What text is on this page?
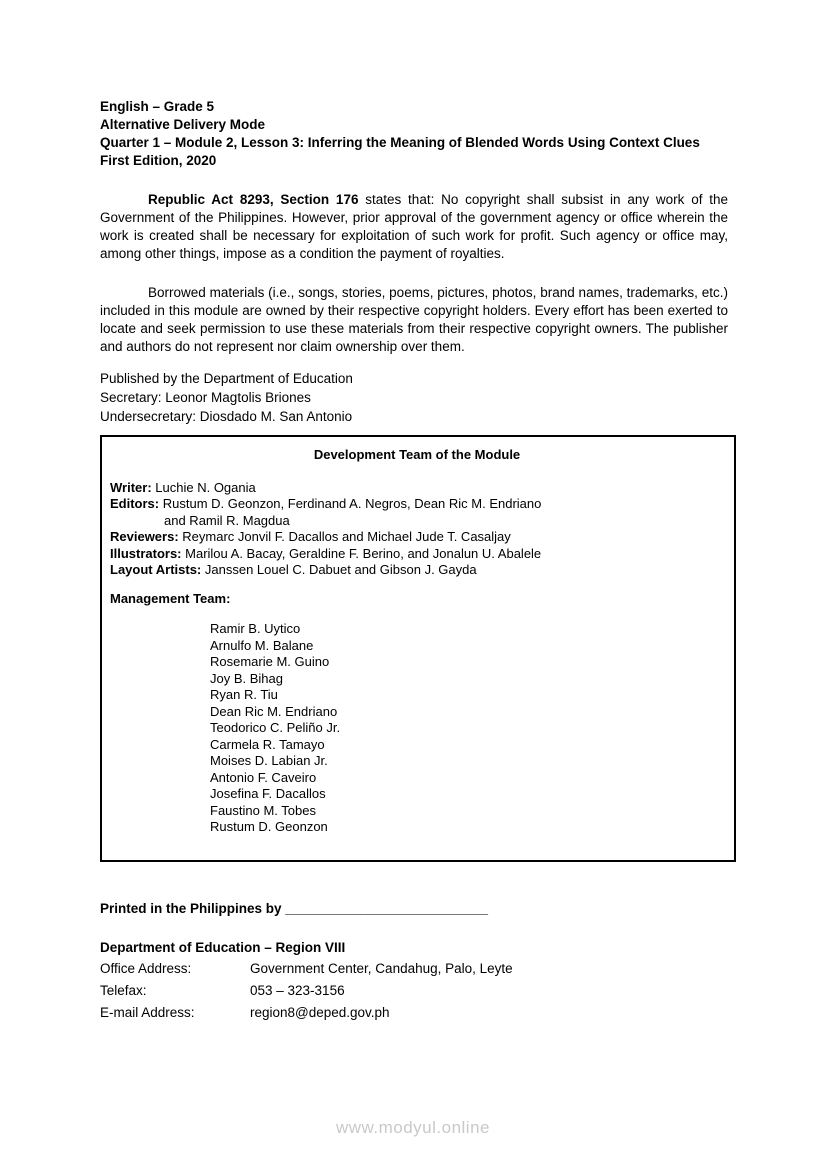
English – Grade 5
Alternative Delivery Mode
Quarter 1 – Module 2, Lesson 3: Inferring the Meaning of Blended Words Using Context Clues
First Edition, 2020

Republic Act 8293, Section 176 states that: No copyright shall subsist in any work of the Government of the Philippines. However, prior approval of the government agency or office wherein the work is created shall be necessary for exploitation of such work for profit. Such agency or office may, among other things, impose as a condition the payment of royalties.

Borrowed materials (i.e., songs, stories, poems, pictures, photos, brand names, trademarks, etc.) included in this module are owned by their respective copyright holders. Every effort has been exerted to locate and seek permission to use these materials from their respective copyright owners. The publisher and authors do not represent nor claim ownership over them.

Published by the Department of Education
Secretary: Leonor Magtolis Briones
Undersecretary: Diosdado M. San Antonio
Development Team of the Module
Writer: Luchie N. Ogania
Editors: Rustum D. Geonzon, Ferdinand A. Negros, Dean Ric M. Endriano
and Ramil R. Magdua
Reviewers: Reymarc Jonvil F. Dacallos and Michael Jude T. Casaljay
Illustrators: Marilou A. Bacay, Geraldine F. Berino, and Jonalun U. Abalele
Layout Artists: Janssen Louel C. Dabuet and Gibson J. Gayda
Management Team:
Ramir B. Uytico
Arnulfo M. Balane
Rosemarie M. Guino
Joy B. Bihag
Ryan R. Tiu
Dean Ric M. Endriano
Teodorico C. Peliño Jr.
Carmela R. Tamayo
Moises D. Labian Jr.
Antonio F. Caveiro
Josefina F. Dacallos
Faustino M. Tobes
Rustum D. Geonzon
Printed in the Philippines by ___________________________
Department of Education – Region VIII
Office Address:	Government Center, Candahug, Palo, Leyte
Telefax:	053 – 323-3156
E-mail Address:	region8@deped.gov.ph
www.modyul.online
